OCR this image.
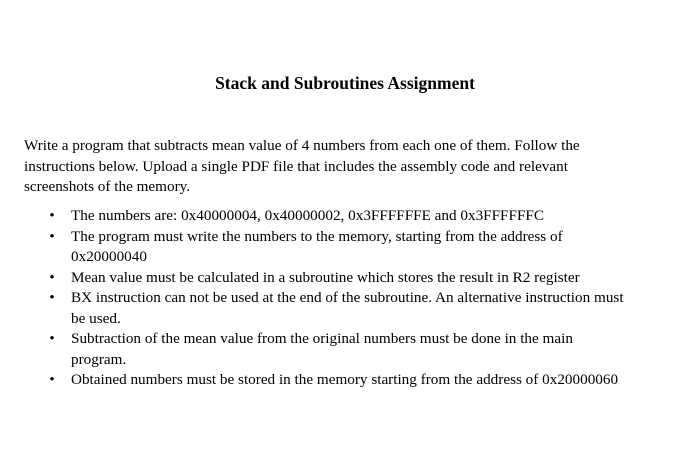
Stack and Subroutines Assignment

Write a program that subtracts mean value of 4 numbers from each one of them. Follow the instructions below. Upload a single PDF file that includes the assembly code and relevant screenshots of the memory.

• The numbers are: 0x40000004, 0x40000002, 0x3FFFFFFE and 0x3FFFFFFC
• The program must write the numbers to the memory, starting from the address of 0x20000040
• Mean value must be calculated in a subroutine which stores the result in R2 register
• BX instruction can not be used at the end of the subroutine. An alternative instruction must be used.
• Subtraction of the mean value from the original numbers must be done in the main program.
• Obtained numbers must be stored in the memory starting from the address of 0x20000060
